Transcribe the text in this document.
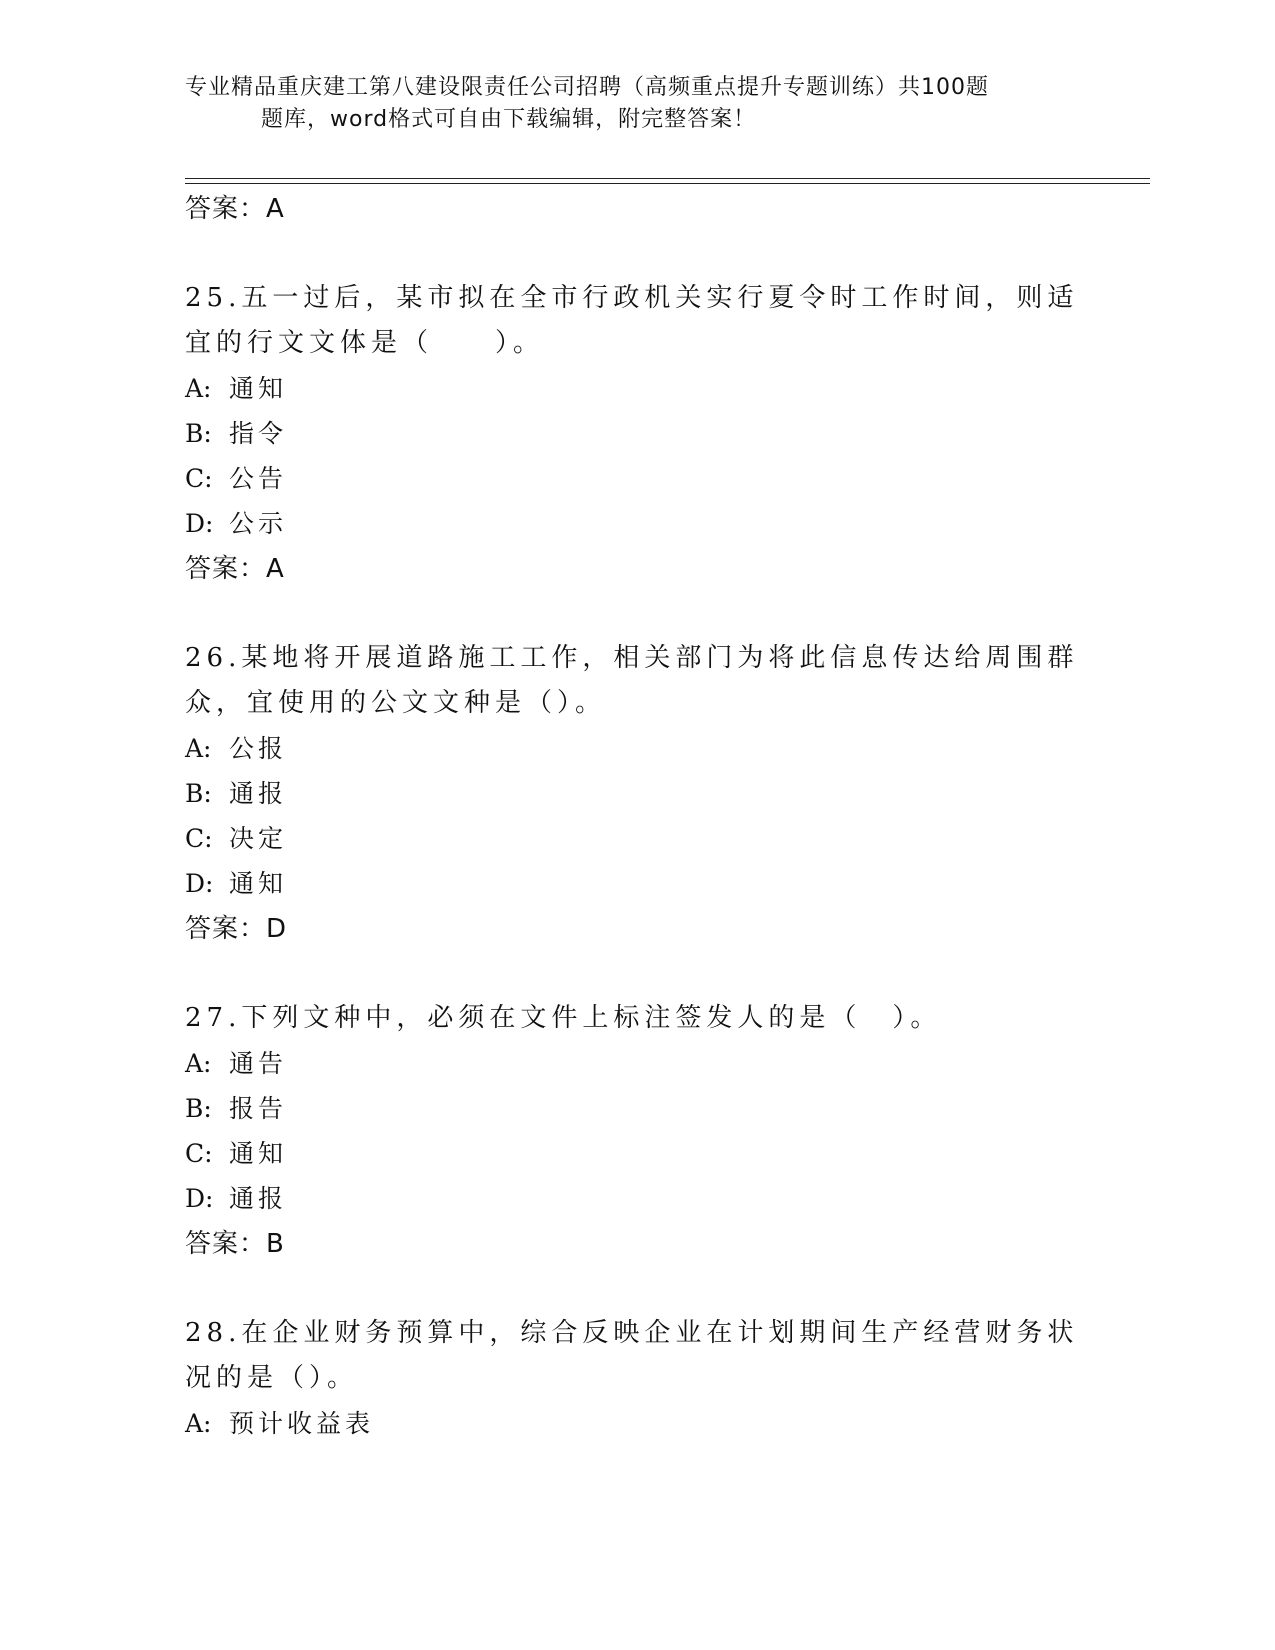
专业精品重庆建工第八建设限责任公司招聘（高频重点提升专题训练）共100题
题库，word格式可自由下载编辑，附完整答案！

答案：A

25.五一过后，某市拟在全市行政机关实行夏令时工作时间，则适宜的行文文体是（　　）。

A: 通知

B: 指令

C: 公告

D: 公示

答案：A

26.某地将开展道路施工工作，相关部门为将此信息传达给周围群众，宜使用的公文文种是（）。

A: 公报

B: 通报

C: 决定

D: 通知

答案：D

27.下列文种中，必须在文件上标注签发人的是（　）。

A: 通告

B: 报告

C: 通知

D: 通报

答案：B

28.在企业财务预算中，综合反映企业在计划期间生产经营财务状况的是（）。

A: 预计收益表
